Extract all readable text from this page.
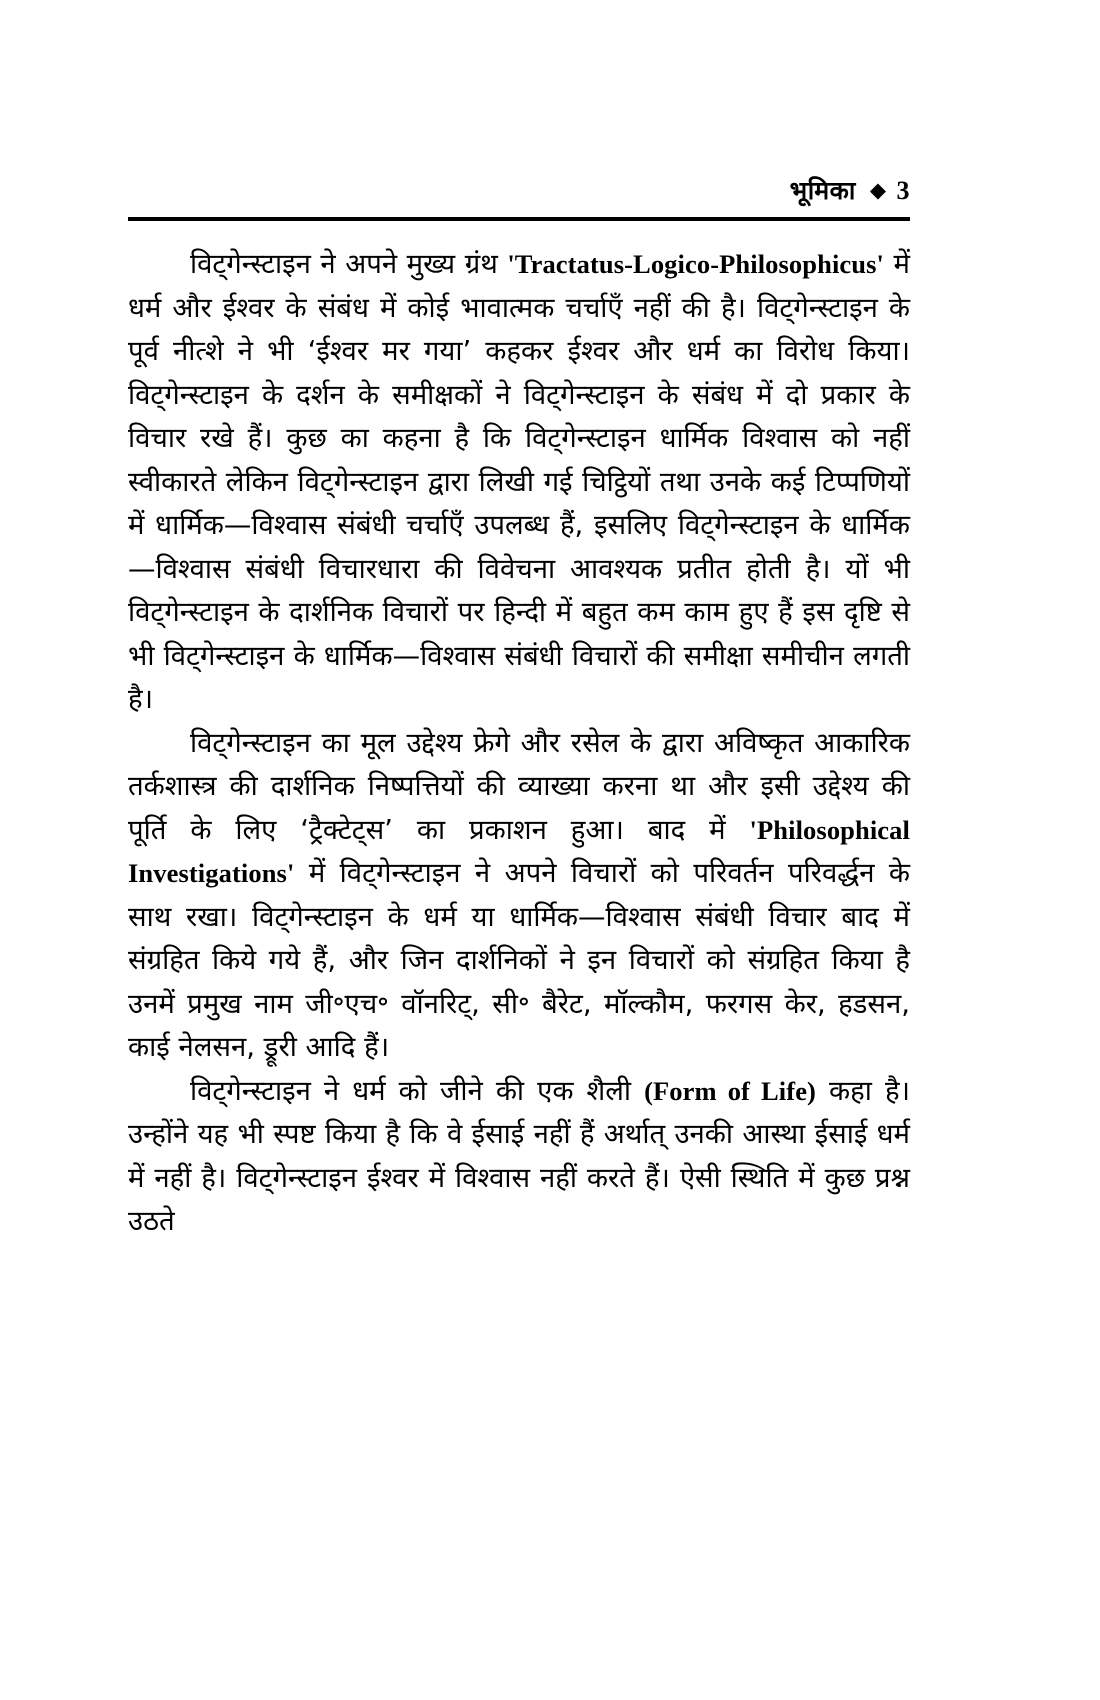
भूमिका ◆ 3

विट्गेन्स्टाइन ने अपने मुख्य ग्रंथ 'Tractatus-Logico-Philosophicus' में धर्म और ईश्वर के संबंध में कोई भावात्मक चर्चाएँ नहीं की है। विट्गेन्स्टाइन के पूर्व नीत्शे ने भी ‘ईश्वर मर गया’ कहकर ईश्वर और धर्म का विरोध किया। विट्गेन्स्टाइन के दर्शन के समीक्षकों ने विट्गेन्स्टाइन के संबंध में दो प्रकार के विचार रखे हैं। कुछ का कहना है कि विट्गेन्स्टाइन धार्मिक विश्वास को नहीं स्वीकारते लेकिन विट्गेन्स्टाइन द्वारा लिखी गई चिट्ठियों तथा उनके कई टिप्पणियों में धार्मिक—विश्वास संबंधी चर्चाएँ उपलब्ध हैं, इसलिए विट्गेन्स्टाइन के धार्मिक—विश्वास संबंधी विचारधारा की विवेचना आवश्यक प्रतीत होती है। यों भी विट्गेन्स्टाइन के दार्शनिक विचारों पर हिन्दी में बहुत कम काम हुए हैं इस दृष्टि से भी विट्गेन्स्टाइन के धार्मिक—विश्वास संबंधी विचारों की समीक्षा समीचीन लगती है।

विट्गेन्स्टाइन का मूल उद्देश्य फ्रेगे और रसेल के द्वारा अविष्कृत आकारिक तर्कशास्त्र की दार्शनिक निष्पत्तियों की व्याख्या करना था और इसी उद्देश्य की पूर्ति के लिए ‘ट्रैक्टेट्स’ का प्रकाशन हुआ। बाद में 'Philosophical Investigations' में विट्गेन्स्टाइन ने अपने विचारों को परिवर्तन परिवर्द्धन के साथ रखा। विट्गेन्स्टाइन के धर्म या धार्मिक—विश्वास संबंधी विचार बाद में संग्रहित किये गये हैं, और जिन दार्शनिकों ने इन विचारों को संग्रहित किया है उनमें प्रमुख नाम जी॰एच॰ वॉनरिट्, सी॰ बैरेट, मॉल्कौम, फरगस केर, हडसन, काई नेलसन, ड्रूरी आदि हैं।

विट्गेन्स्टाइन ने धर्म को जीने की एक शैली (Form of Life) कहा है। उन्होंने यह भी स्पष्ट किया है कि वे ईसाई नहीं हैं अर्थात् उनकी आस्था ईसाई धर्म में नहीं है। विट्गेन्स्टाइन ईश्वर में विश्वास नहीं करते हैं। ऐसी स्थिति में कुछ प्रश्न उठते
